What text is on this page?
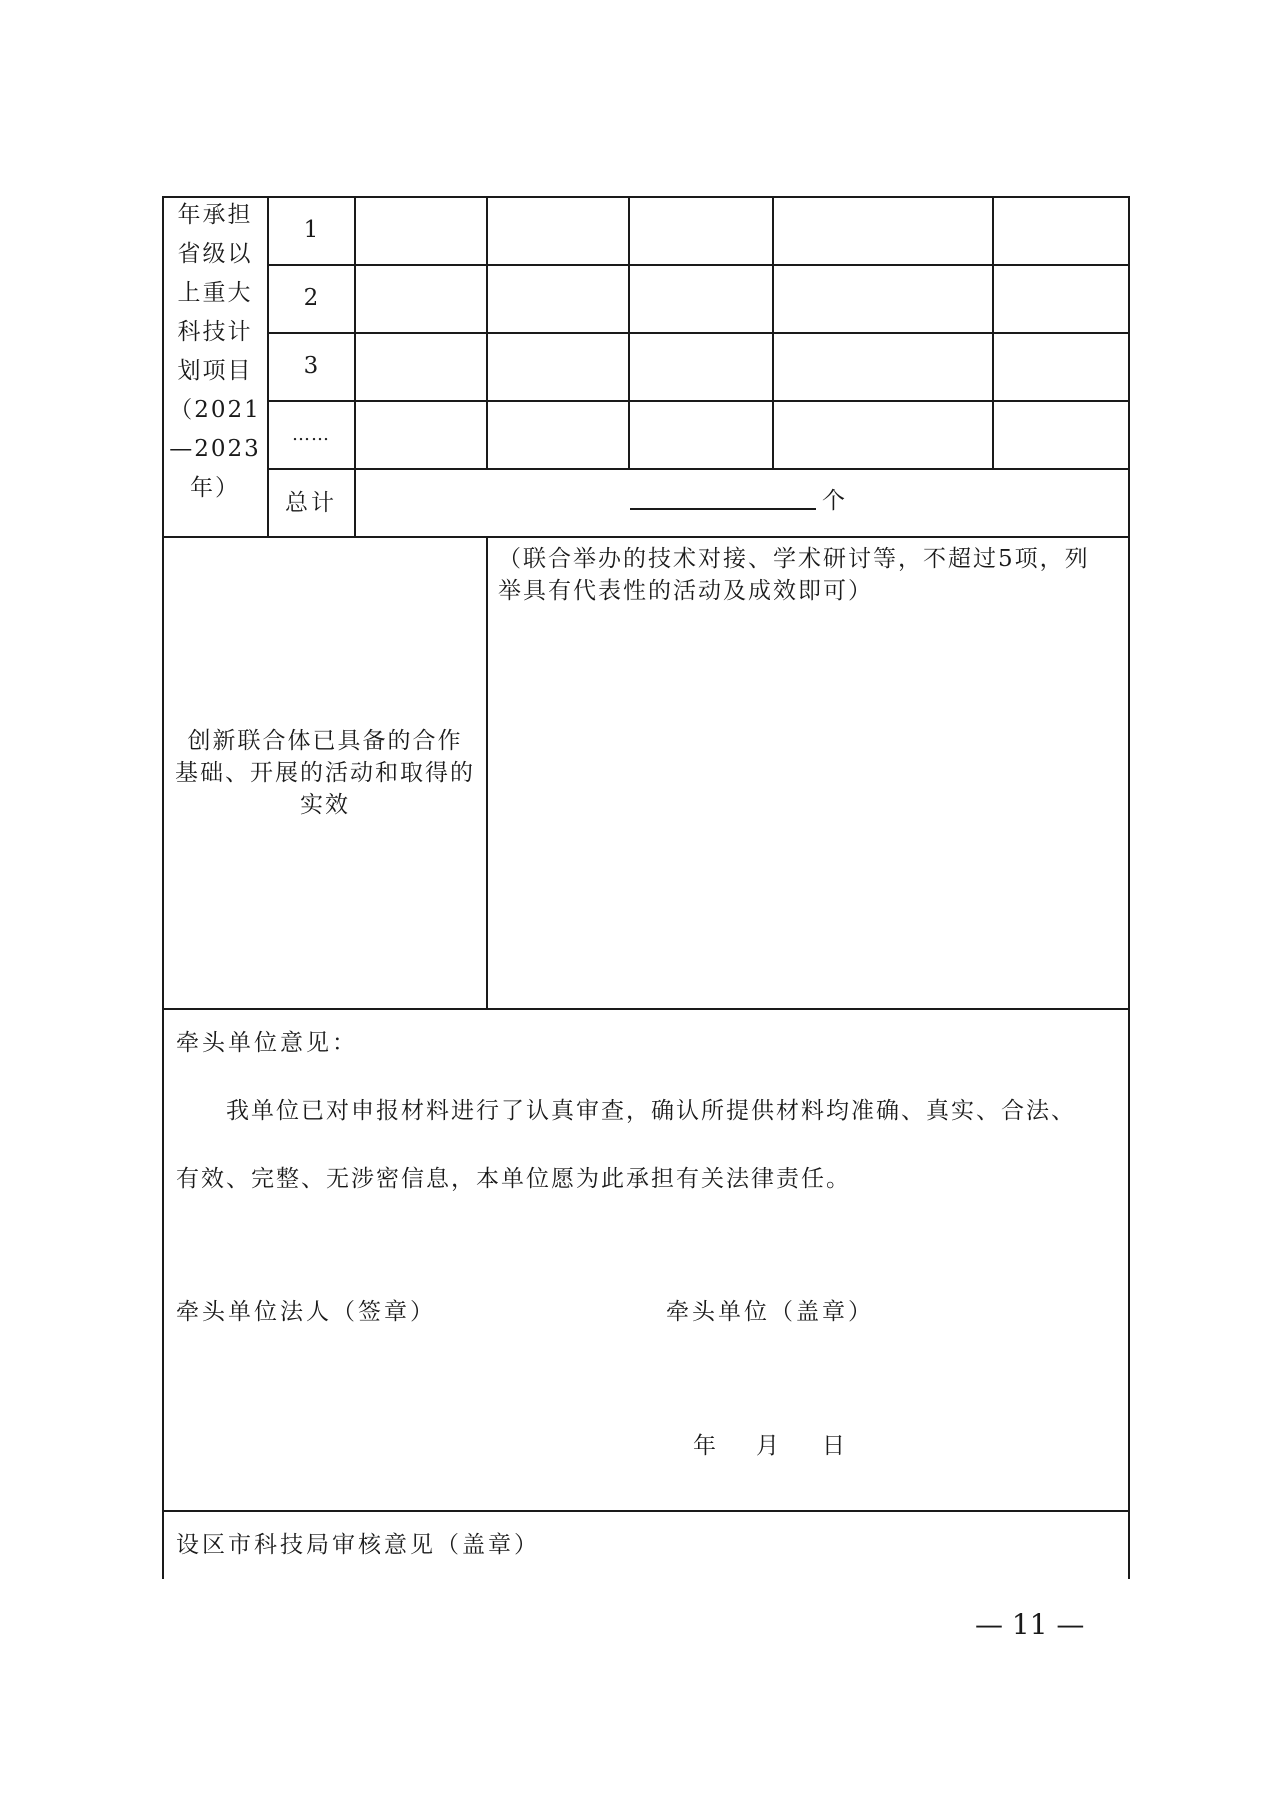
年承担
省级以
上重大
科技计
划项目
（2021
—2023
年）
1
2
3
……
总计	个
创新联合体已具备的合作
基础、开展的活动和取得的
实效
（联合举办的技术对接、学术研讨等，不超过5项，列
举具有代表性的活动及成效即可）
牵头单位意见：
我单位已对申报材料进行了认真审查，确认所提供材料均准确、真实、合法、
有效、完整、无涉密信息，本单位愿为此承担有关法律责任。
牵头单位法人（签章）	牵头单位（盖章）
年 月 日
设区市科技局审核意见（盖章）
— 11 —
